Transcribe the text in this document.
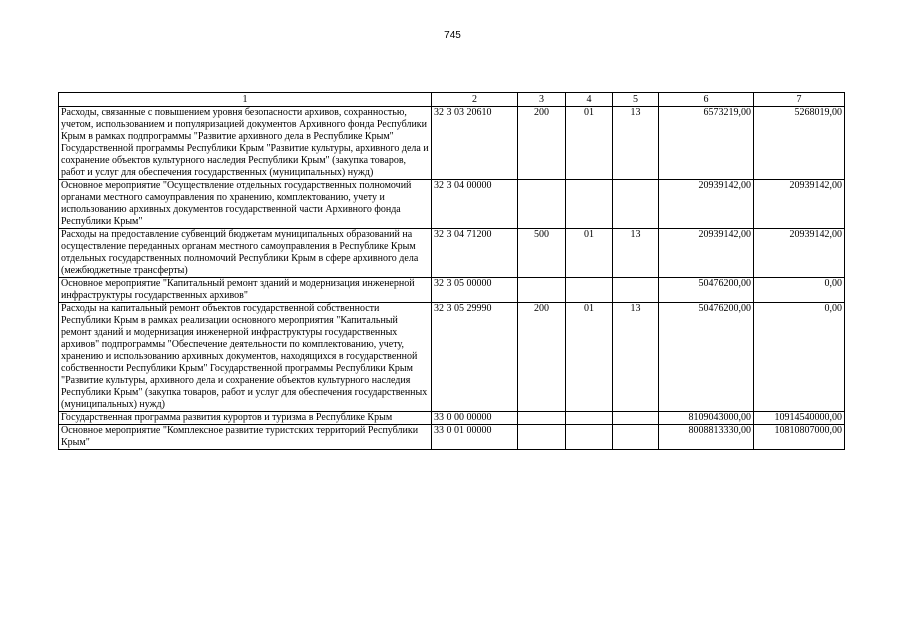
745
1	2	3	4	5	6	7
Расходы, связанные с повышением уровня безопасности архивов, сохранностью, учетом, использованием и популяризацией документов Архивного фонда Республики Крым в рамках подпрограммы "Развитие архивного дела в Республике Крым" Государственной программы Республики Крым "Развитие культуры, архивного дела и сохранение объектов культурного наследия Республики Крым" (закупка товаров, работ и услуг для обеспечения государственных (муниципальных) нужд)	32 3 03 20610	200	01	13	6573219,00	5268019,00
Основное мероприятие "Осуществление отдельных государственных полномочий органами местного самоуправления по хранению, комплектованию, учету и использованию архивных документов государственной части Архивного фонда Республики Крым"	32 3 04 00000				20939142,00	20939142,00
Расходы на предоставление субвенций бюджетам муниципальных образований на осуществление переданных органам местного самоуправления в Республике Крым отдельных государственных полномочий Республики Крым в сфере архивного дела (межбюджетные трансферты)	32 3 04 71200	500	01	13	20939142,00	20939142,00
Основное мероприятие "Капитальный ремонт зданий и модернизация инженерной инфраструктуры государственных архивов"	32 3 05 00000				50476200,00	0,00
Расходы на капитальный ремонт объектов государственной собственности Республики Крым в рамках реализации основного мероприятия "Капитальный ремонт зданий и модернизация инженерной инфраструктуры государственных архивов" подпрограммы "Обеспечение деятельности по комплектованию, учету, хранению и использованию архивных документов, находящихся в государственной собственности Республики Крым" Государственной программы Республики Крым "Развитие культуры, архивного дела и сохранение объектов культурного наследия Республики Крым" (закупка товаров, работ и услуг для обеспечения государственных (муниципальных) нужд)	32 3 05 29990	200	01	13	50476200,00	0,00
Государственная программа развития курортов и туризма в Республике Крым	33 0 00 00000				8109043000,00	10914540000,00
Основное мероприятие "Комплексное развитие туристских территорий Республики Крым"	33 0 01 00000				8008813330,00	10810807000,00
